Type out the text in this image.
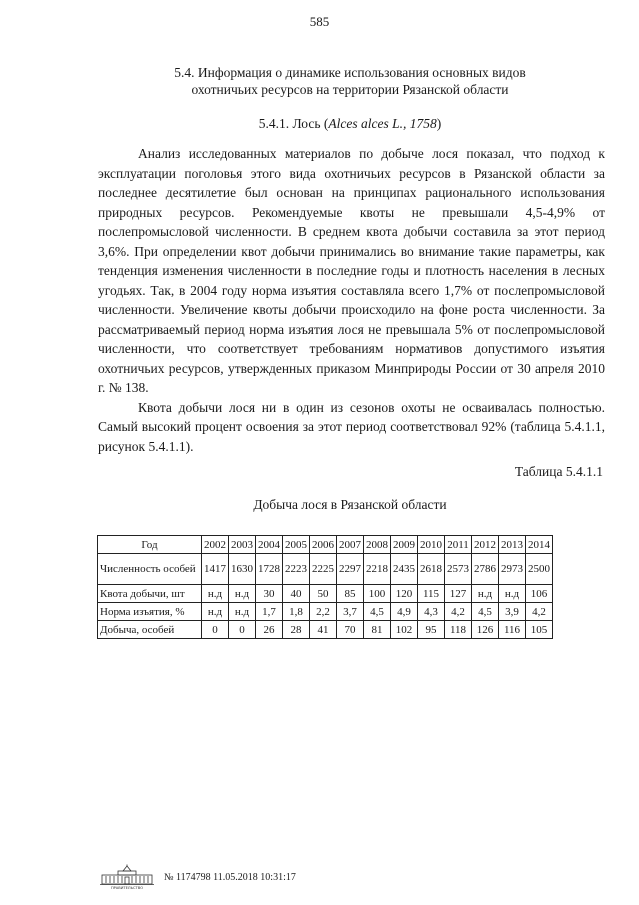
585
5.4. Информация о динамике использования основных видов
охотничьих ресурсов на территории Рязанской области
5.4.1. Лось (Alces alces L., 1758)

Анализ исследованных материалов по добыче лося показал, что подход к эксплуатации поголовья этого вида охотничьих ресурсов в Рязанской области за последнее десятилетие был основан на принципах рационального использования природных ресурсов. Рекомендуемые квоты не превышали 4,5-4,9% от послепромысловой численности. В среднем квота добычи составила за этот период 3,6%. При определении квот добычи принимались во внимание такие параметры, как тенденция изменения численности в последние годы и плотность населения в лесных угодьях. Так, в 2004 году норма изъятия составляла всего 1,7% от послепромысловой численности. Увеличение квоты добычи происходило на фоне роста численности. За рассматриваемый период норма изъятия лося не превышала 5% от послепромысловой численности, что соответствует требованиям нормативов допустимого изъятия охотничьих ресурсов, утвержденных приказом Минприроды России от 30 апреля 2010 г. № 138.

Квота добычи лося ни в один из сезонов охоты не осваивалась полностью. Самый высокий процент освоения за этот период соответствовал 92% (таблица 5.4.1.1, рисунок 5.4.1.1).

Таблица 5.4.1.1
Добыча лося в Рязанской области
Год	2002	2003	2004	2005	2006	2007	2008	2009	2010	2011	2012	2013	2014
Численность особей	1417	1630	1728	2223	2225	2297	2218	2435	2618	2573	2786	2973	2500
Квота добычи, шт	н.д	н.д	30	40	50	85	100	120	115	127	н.д	н.д	106
Норма изъятия, %	н.д	н.д	1,7	1,8	2,2	3,7	4,5	4,9	4,3	4,2	4,5	3,9	4,2
Добыча, особей	0	0	26	28	41	70	81	102	95	118	126	116	105
ПРАВИТЕЛЬСТВО
№ 1174798 11.05.2018 10:31:17
